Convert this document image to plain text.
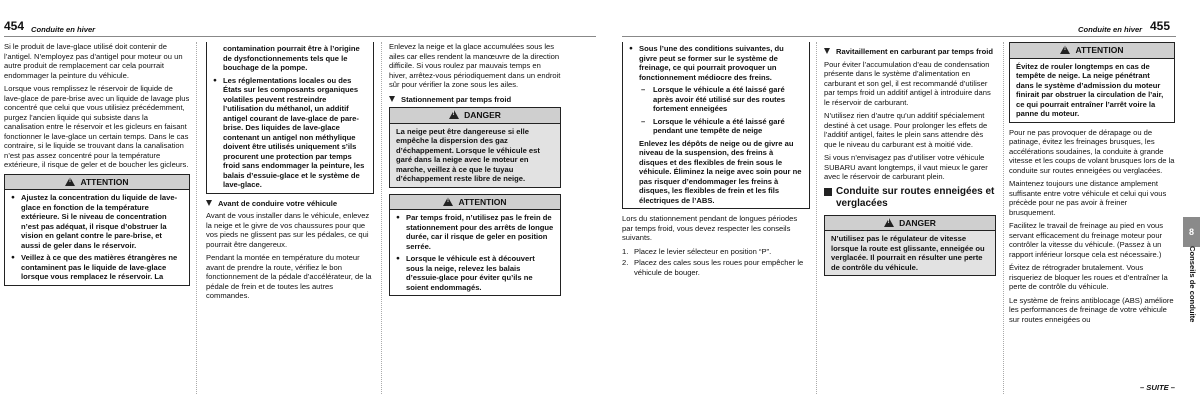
454 Conduite en hiver

Si le produit de lave-glace utilisé doit contenir de l’antigel. N’employez pas d’antigel pour moteur ou un autre produit de remplacement car cela pourrait endommager la peinture du véhicule.

Lorsque vous remplissez le réservoir de liquide de lave-glace de pare-brise avec un liquide de lavage plus concentré que celui que vous utilisiez précédemment, purgez l’ancien liquide qui subsiste dans la canalisation entre le réservoir et les gicleurs en faisant fonctionner le lave-glace un certain temps. Dans le cas contraire, si le liquide se trouvant dans la canalisation n’est pas assez concentré pour la température extérieure, il risque de geler et de boucher les gicleurs.

!ATTENTION
● Ajustez la concentration du liquide de lave-glace en fonction de la température extérieure. Si le niveau de concentration n’est pas adéquat, il risque d’obstruer la vision en gelant contre le pare-brise, et aussi de geler dans le réservoir.
● Veillez à ce que des matières étrangères ne contaminent pas le liquide de lave-glace lorsque vous remplacez le réservoir. La
contamination pourrait être à l’origine de dysfonctionnements tels que le bouchage de la pompe.
● Les réglementations locales ou des États sur les composants organiques volatiles peuvent restreindre l’utilisation du méthanol, un additif antigel courant de lave-glace de pare-brise. Des liquides de lave-glace contenant un antigel non méthylique doivent être utilisés uniquement s’ils procurent une protection par temps froid sans endommager la peinture, les balais d’essuie-glace et le système de lave-glace.
Avant de conduire votre véhicule

Avant de vous installer dans le véhicule, enlevez la neige et le givre de vos chaussures pour que vos pieds ne glissent pas sur les pédales, ce qui pourrait être dangereux.

Pendant la montée en température du moteur avant de prendre la route, vérifiez le bon fonctionnement de la pédale d’accélérateur, de la pédale de frein et de toutes les autres commandes.

Enlevez la neige et la glace accumulées sous les ailes car elles rendent la manœuvre de la direction difficile. Si vous roulez par mauvais temps en hiver, arrêtez-vous périodiquement dans un endroit sûr pour vérifier la zone sous les ailes.

Stationnement par temps froid
!DANGER
La neige peut être dangereuse si elle empêche la dispersion des gaz d’échappement. Lorsque le véhicule est garé dans la neige avec le moteur en marche, veillez à ce que le tuyau d’échappement reste libre de neige.
!ATTENTION
● Par temps froid, n’utilisez pas le frein de stationnement pour des arrêts de longue durée, car il risque de geler en position serrée.
● Lorsque le véhicule est à découvert sous la neige, relevez les balais d’essuie-glace pour éviter qu’ils ne soient endommagés.
Conduite en hiver 455
● Sous l’une des conditions suivantes, du givre peut se former sur le système de freinage, ce qui pourrait provoquer un fonctionnement médiocre des freins.
– Lorsque le véhicule a été laissé garé après avoir été utilisé sur des routes fortement enneigées
– Lorsque le véhicule a été laissé garé pendant une tempête de neige
Enlevez les dépôts de neige ou de givre au niveau de la suspension, des freins à disques et des flexibles de frein sous le véhicule. Éliminez la neige avec soin pour ne pas risquer d’endommager les freins à disques, les flexibles de frein et les fils électriques de l’ABS.

Lors du stationnement pendant de longues périodes par temps froid, vous devez respecter les conseils suivants.

1. Placez le levier sélecteur en position “P”.
2. Placez des cales sous les roues pour empêcher le véhicule de bouger.
Ravitaillement en carburant par temps froid

Pour éviter l’accumulation d’eau de condensation présente dans le système d’alimentation en carburant et son gel, il est recommandé d’utiliser par temps froid un additif antigel à introduire dans le réservoir de carburant.

N’utilisez rien d’autre qu’un additif spécialement destiné à cet usage. Pour prolonger les effets de l’additif antigel, faites le plein sans attendre dès que le niveau du carburant est à moitié vide.

Si vous n’envisagez pas d’utiliser votre véhicule SUBARU avant longtemps, il vaut mieux le garer avec le réservoir de carburant plein.

Conduite sur routes enneigées et verglacées
!DANGER
N’utilisez pas le régulateur de vitesse lorsque la route est glissante, enneigée ou verglacée. Il pourrait en résulter une perte de contrôle du véhicule.
!ATTENTION
Évitez de rouler longtemps en cas de tempête de neige. La neige pénétrant dans le système d’admission du moteur finirait par obstruer la circulation de l’air, ce qui pourrait entraîner l’arrêt voire la panne du moteur.

Pour ne pas provoquer de dérapage ou de patinage, évitez les freinages brusques, les accélérations soudaines, la conduite à grande vitesse et les coups de volant brusques lors de la conduite sur routes enneigées ou verglacées.

Maintenez toujours une distance amplement suffisante entre votre véhicule et celui qui vous précède pour ne pas avoir à freiner brusquement.

Facilitez le travail de freinage au pied en vous servant efficacement du freinage moteur pour contrôler la vitesse du véhicule. (Passez à un rapport inférieur lorsque cela est nécessaire.)

Évitez de rétrograder brutalement. Vous risqueriez de bloquer les roues et d’entraîner la perte de contrôle du véhicule.

Le système de freins antiblocage (ABS) améliore les performances de freinage de votre véhicule sur routes enneigées ou

8
Conseils de conduite
– SUITE –
